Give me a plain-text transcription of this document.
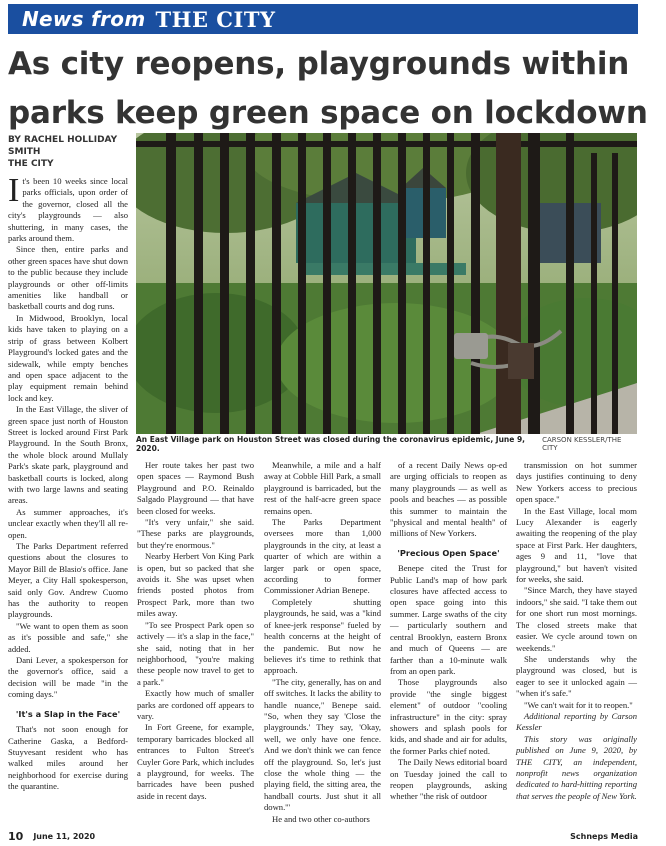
News from THE CITY
As city reopens, playgrounds within parks keep green space on lockdown
BY RACHEL HOLLIDAY
SMITH
THE CITY
An East Village park on Houston Street was closed during the coronavirus epidemic, June 9, 2020.
CARSON KESSLER/THE CITY

It's been 10 weeks since local parks officials, upon order of the governor, closed all the city's playgrounds — also shuttering, in many cases, the parks around them.

Since then, entire parks and other green spaces have shut down to the public because they include playgrounds or other off-limits amenities like handball or basketball courts and dog runs.

In Midwood, Brooklyn, local kids have taken to playing on a strip of grass between Kolbert Playground's locked gates and the sidewalk, while empty benches and open space adjacent to the play equipment remain behind lock and key.

In the East Village, the sliver of green space just north of Houston Street is locked around First Park Playground. In the South Bronx, the whole block around Mullaly Park's skate park, playground and basketball courts is locked, along with two large lawns and seating areas.

As summer approaches, it's unclear exactly when they'll all re-open.

The Parks Department referred questions about the closures to Mayor Bill de Blasio's office. Jane Meyer, a City Hall spokesperson, said only Gov. Andrew Cuomo has the authority to reopen playgrounds.

"We want to open them as soon as it's possible and safe," she added.

Dani Lever, a spokesperson for the governor's office, said a decision will be made "in the coming days."

'It's a Slap in the Face'

That's not soon enough for Catherine Gaska, a Bedford-Stuyvesant resident who has walked miles around her neighborhood for exercise during the quarantine.

Her route takes her past two open spaces — Raymond Bush Playground and P.O. Reinaldo Salgado Playground — that have been closed for weeks.

"It's very unfair," she said. "These parks are playgrounds, but they're enormous."

Nearby Herbert Von King Park is open, but so packed that she avoids it. She was upset when friends posted photos from Prospect Park, more than two miles away.

"To see Prospect Park open so actively — it's a slap in the face," she said, noting that in her neighborhood, "you're making these people now travel to get to a park."

Exactly how much of smaller parks are cordoned off appears to vary.

In Fort Greene, for example, temporary barricades blocked all entrances to Fulton Street's Cuyler Gore Park, which includes a playground, for weeks. The barricades have been pushed aside in recent days.

Meanwhile, a mile and a half away at Cobble Hill Park, a small playground is barricaded, but the rest of the half-acre green space remains open.

The Parks Department oversees more than 1,000 playgrounds in the city, at least a quarter of which are within a larger park or open space, according to former Commissioner Adrian Benepe.

Completely shutting playgrounds, he said, was a "kind of knee-jerk response" fueled by health concerns at the height of the pandemic. But now he believes it's time to rethink that approach.

"The city, generally, has on and off switches. It lacks the ability to handle nuance," Benepe said. "So, when they say 'Close the playgrounds.' They say, 'Okay, well, we only have one fence. And we don't think we can fence off the playground. So, let's just close the whole thing — the playing field, the sitting area, the handball courts. Just shut it all down.'"

He and two other co-authors

of a recent Daily News op-ed are urging officials to reopen as many playgrounds — as well as pools and beaches — as possible this summer to maintain the "physical and mental health" of millions of New Yorkers.

'Precious Open Space'

Benepe cited the Trust for Public Land's map of how park closures have affected access to open space going into this summer. Large swaths of the city — particularly southern and central Brooklyn, eastern Bronx and much of Queens — are farther than a 10-minute walk from an open park.

Those playgrounds also provide "the single biggest element" of outdoor "cooling infrastructure" in the city: spray showers and splash pools for kids, and shade and air for adults, the former Parks chief noted.

The Daily News editorial board on Tuesday joined the call to reopen playgrounds, asking whether "the risk of outdoor

transmission on hot summer days justifies continuing to deny New Yorkers access to precious open space."

In the East Village, local mom Lucy Alexander is eagerly awaiting the reopening of the play space at First Park. Her daughters, ages 9 and 11, "love that playground," but haven't visited for weeks, she said.

"Since March, they have stayed indoors," she said. "I take them out for one short run most mornings. The closed streets make that easier. We cycle around town on weekends."

She understands why the playground was closed, but is eager to see it unlocked again — "when it's safe."

"We can't wait for it to reopen."

Additional reporting by Carson Kessler

This story was originally published on June 9, 2020, by THE CITY, an independent, nonprofit news organization dedicated to hard-hitting reporting that serves the people of New York.

10 June 11, 2020	Schneps Media
